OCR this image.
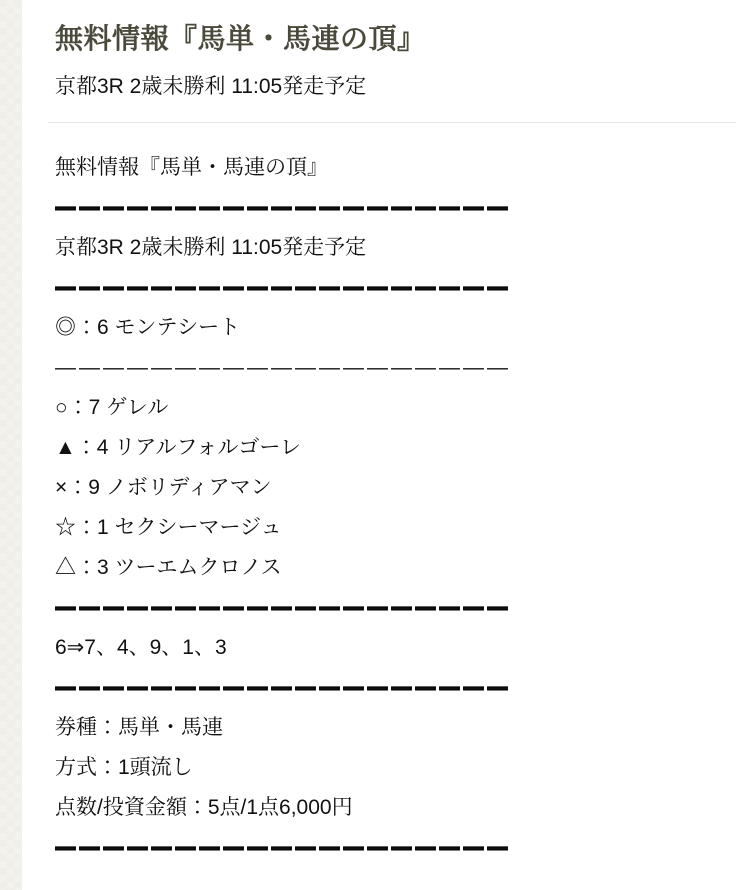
無料情報『馬単・馬連の頂』

京都3R 2歳未勝利 11:05発走予定

無料情報『馬単・馬連の頂』

———————————————————

京都3R 2歳未勝利 11:05発走予定

———————————————————

◎：6 モンテシート

———————————————————

○：7 ゲレル

▲：4 リアルフォルゴーレ

×：9 ノボリディアマン

☆：1 セクシーマージュ

△：3 ツーエムクロノス

———————————————————

6⇒7、4、9、1、3

———————————————————

券種：馬単・馬連

方式：1頭流し

点数/投資金額：5点/1点6,000円

———————————————————
